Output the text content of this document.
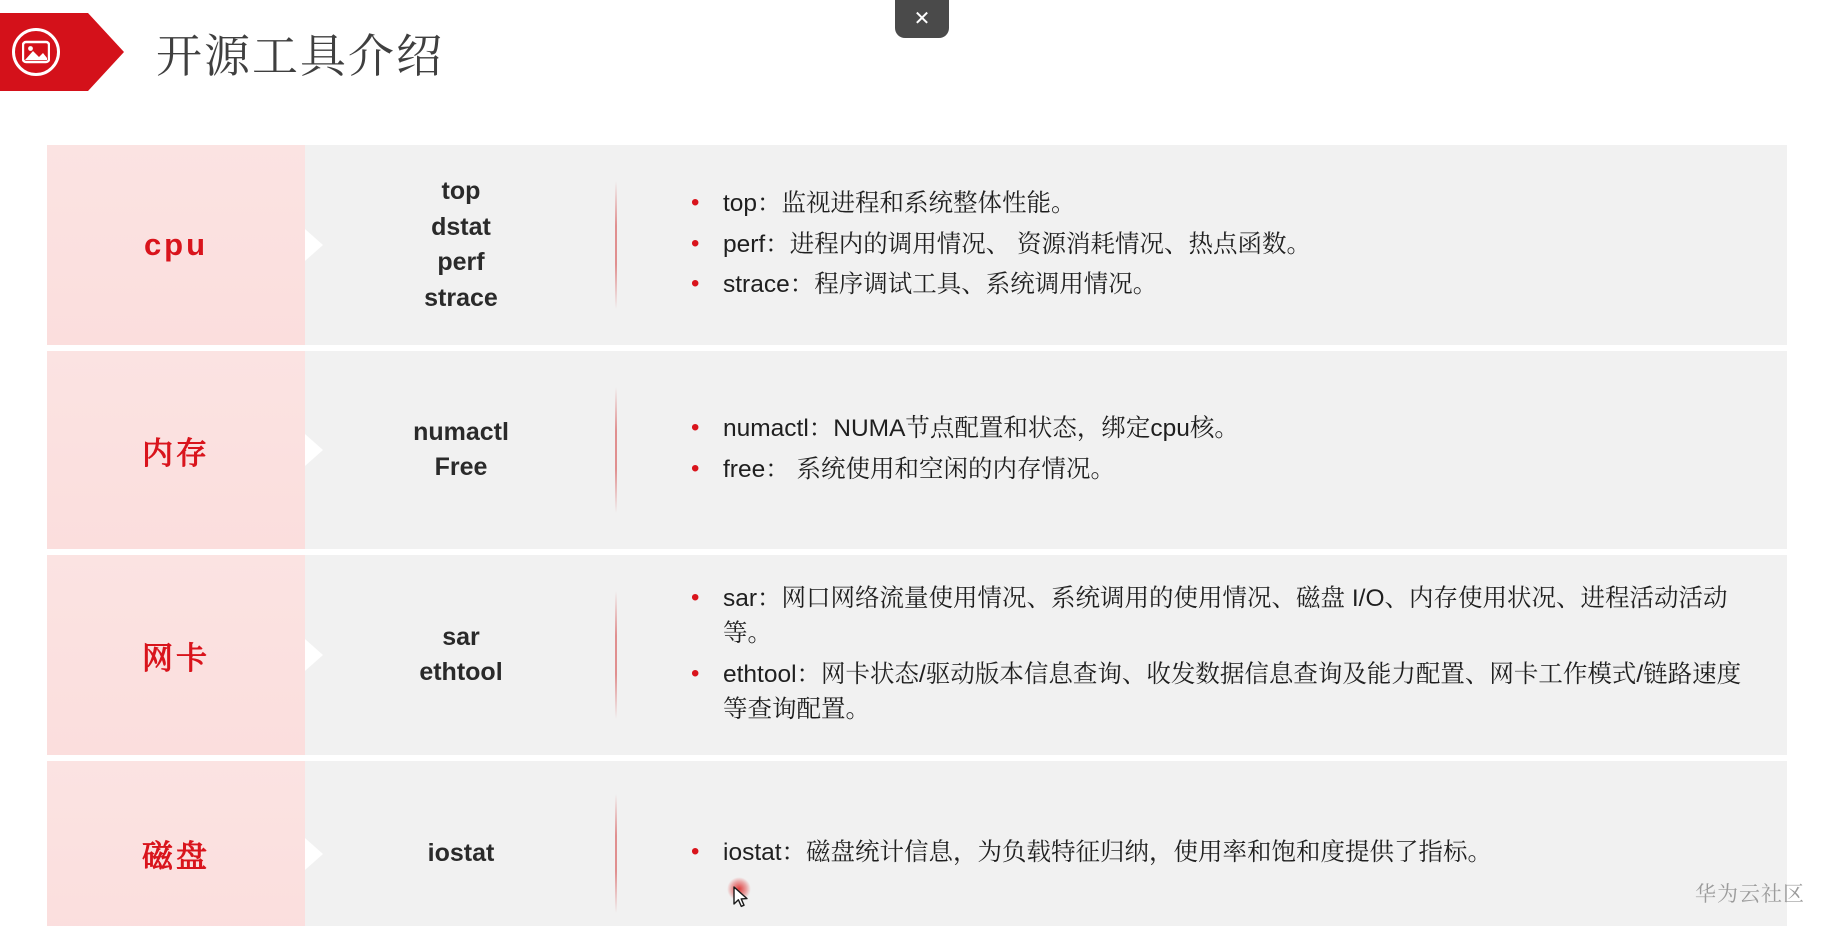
开源工具介绍
✕
cpu
top
dstat
perf
strace
• top：监视进程和系统整体性能。
• perf：进程内的调用情况、 资源消耗情况、热点函数。
• strace：程序调试工具、系统调用情况。
内存
numactl
Free
• numactl：NUMA节点配置和状态，绑定cpu核。
• free： 系统使用和空闲的内存情况。
网卡
sar
ethtool
• sar：网口网络流量使用情况、系统调用的使用情况、磁盘 I/O、内存使用状况、进程活动活动等。
• ethtool：网卡状态/驱动版本信息查询、收发数据信息查询及能力配置、网卡工作模式/链路速度等查询配置。
磁盘	iostat	• iostat：磁盘统计信息，为负载特征归纳，使用率和饱和度提供了指标。
华为云社区
